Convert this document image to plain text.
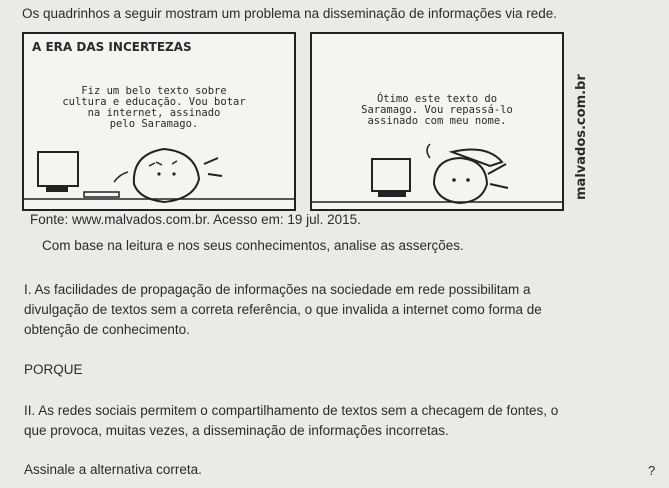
Os quadrinhos a seguir mostram um problema na disseminação de informações via rede.
A ERA DAS INCERTEZAS
Fiz um belo texto sobre
cultura e educação. Vou botar
na internet, assinado
pelo Saramago.
Ótimo este texto do
Saramago. Vou repassá-lo
assinado com meu nome.	malvados.com.br
Fonte: www.malvados.com.br. Acesso em: 19 jul. 2015.
Com base na leitura e nos seus conhecimentos, analise as asserções.
I. As facilidades de propagação de informações na sociedade em rede possibilitam a
divulgação de textos sem a correta referência, o que invalida a internet como forma de
obtenção de conhecimento.
PORQUE
II. As redes sociais permitem o compartilhamento de textos sem a checagem de fontes, o
que provoca, muitas vezes, a disseminação de informações incorretas.
Assinale a alternativa correta.	?
